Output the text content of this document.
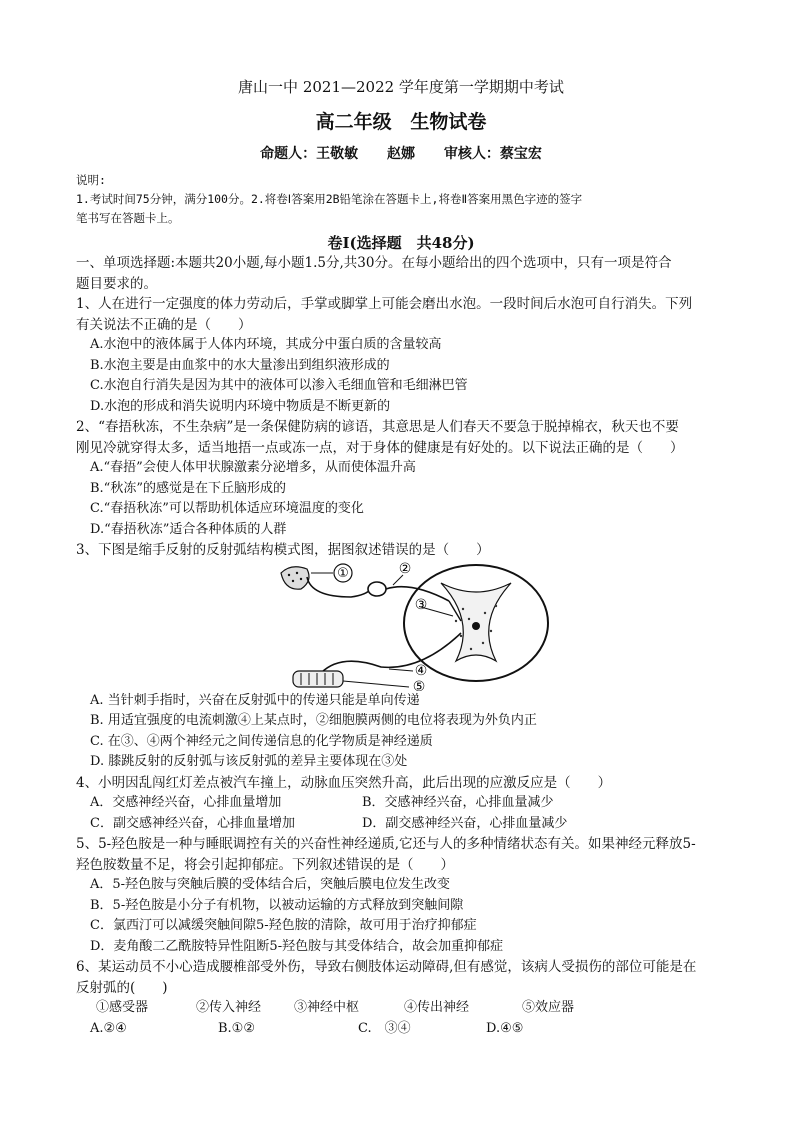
唐山一中 2021—2022 学年度第一学期期中考试
高二年级 生物试卷
命题人：王敬敏 赵娜 审核人：蔡宝宏
说明:
1.考试时间75分钟，满分100分。2.将卷Ⅰ答案用2B铅笔涂在答题卡上,将卷Ⅱ答案用黑色字迹的签字
笔书写在答题卡上。
卷Ⅰ(选择题　共48分)
一、单项选择题:本题共20小题,每小题1.5分,共30分。在每小题给出的四个选项中，只有一项是符合
题目要求的。
1、人在进行一定强度的体力劳动后，手掌或脚掌上可能会磨出水泡。一段时间后水泡可自行消失。下列
有关说法不正确的是（　　）
A.水泡中的液体属于人体内环境，其成分中蛋白质的含量较高
B.水泡主要是由血浆中的水大量渗出到组织液形成的
C.水泡自行消失是因为其中的液体可以渗入毛细血管和毛细淋巴管
D.水泡的形成和消失说明内环境中物质是不断更新的
2、“春捂秋冻，不生杂病”是一条保健防病的谚语，其意思是人们春天不要急于脱掉棉衣，秋天也不要
刚见冷就穿得太多，适当地捂一点或冻一点，对于身体的健康是有好处的。以下说法正确的是（　　）
A.“春捂”会使人体甲状腺激素分泌增多，从而使体温升高
B.“秋冻”的感觉是在下丘脑形成的
C.“春捂秋冻”可以帮助机体适应环境温度的变化
D.“春捂秋冻”适合各种体质的人群
3、下图是缩手反射的反射弧结构模式图，据图叙述错误的是（　　）
①	②
③
④
⑤
A. 当针刺手指时，兴奋在反射弧中的传递只能是单向传递
B. 用适宜强度的电流刺激④上某点时，②细胞膜两侧的电位将表现为外负内正
C. 在③、④两个神经元之间传递信息的化学物质是神经递质
D. 膝跳反射的反射弧与该反射弧的差异主要体现在③处
4、小明因乱闯红灯差点被汽车撞上，动脉血压突然升高，此后出现的应激反应是（　　）
A．交感神经兴奋，心排血量增加	B．交感神经兴奋，心排血量减少
C．副交感神经兴奋，心排血量增加	D．副交感神经兴奋，心排血量减少
5、5-羟色胺是一种与睡眠调控有关的兴奋性神经递质,它还与人的多种情绪状态有关。如果神经元释放5-
羟色胺数量不足，将会引起抑郁症。下列叙述错误的是（　　）
A．5-羟色胺与突触后膜的受体结合后，突触后膜电位发生改变
B．5-羟色胺是小分子有机物，以被动运输的方式释放到突触间隙
C．氯西汀可以减缓突触间隙5-羟色胺的清除，故可用于治疗抑郁症
D．麦角酸二乙酰胺特异性阻断5-羟色胺与其受体结合，故会加重抑郁症
6、某运动员不小心造成腰椎部受外伤，导致右侧肢体运动障碍,但有感觉，该病人受损伤的部位可能是在
反射弧的(　　)
①感受器	②传入神经	③神经中枢	④传出神经	⑤效应器
A.②④	B.①②	C.　③④	D.④⑤
